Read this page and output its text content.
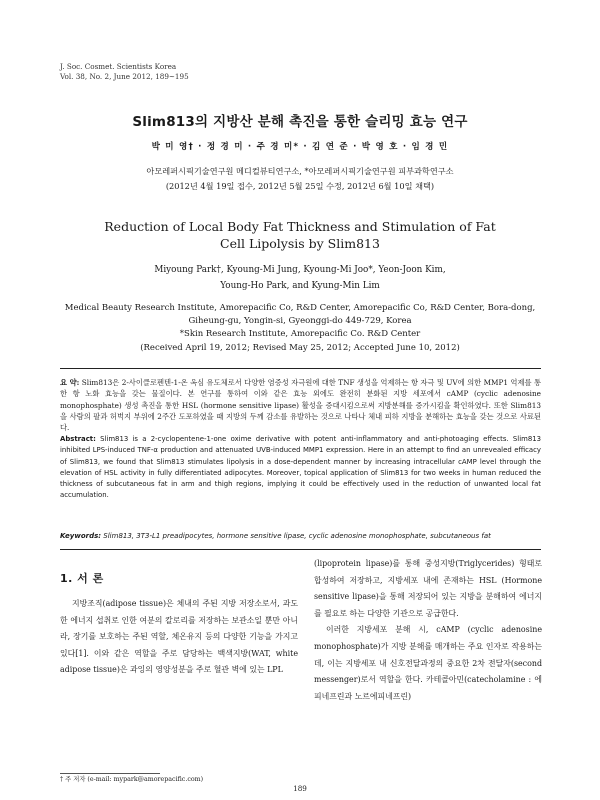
J. Soc. Cosmet. Scientists Korea
Vol. 38, No. 2, June 2012, 189~195
Slim813의 지방산 분해 촉진을 통한 슬리밍 효능 연구
박 미 영† · 정 경 미 · 주 경 미* · 김 연 준 · 박 영 호 · 임 경 민
아모레퍼시픽기술연구원 메디컬뷰티연구소, *아모레퍼시픽기술연구원 피부과학연구소
(2012년 4월 19일 접수, 2012년 5월 25일 수정, 2012년 6월 10일 채택)
Reduction of Local Body Fat Thickness and Stimulation of Fat Cell Lipolysis by Slim813
Miyoung Park†, Kyoung-Mi Jung, Kyoung-Mi Joo*, Yeon-Joon Kim,
Young-Ho Park, and Kyung-Min Lim
Medical Beauty Research Institute, Amorepacific Co, R&D Center, Amorepacific Co, R&D Center, Bora-dong,
Giheung-gu, Yongin-si, Gyeonggi-do 449-729, Korea
*Skin Research Institute, Amorepacific Co. R&D Center
(Received April 19, 2012; Revised May 25, 2012; Accepted June 10, 2012)
요 약: Slim813은 2-사이클로펜텐-1-온 옥심 유도체로서 다양한 염증성 자극원에 대한 TNF 생성을 억제하는 항 자극 및 UV에 의한 MMP1 억제를 통한 항 노화 효능을 갖는 물질이다. 본 연구를 통하여 이와 같은 효능 외에도 완전히 분화된 지방 세포에서 cAMP (cyclic adenosine monophosphate) 생성 촉진을 통한 HSL (hormone sensitive lipase) 활성을 증대시킴으로써 지방분해를 증가시킴을 확인하였다. 또한 Slim813을 사람의 팔과 허벅지 부위에 2주간 도포하였을 때 지방의 두께 감소를 유발하는 것으로 나타나 체내 피하 지방을 분해하는 효능을 갖는 것으로 사료된다.
Abstract: Slim813 is a 2-cyclopentene-1-one oxime derivative with potent anti-inflammatory and anti-photoaging effects. Slim813 inhibited LPS-induced TNF-α production and attenuated UVB-induced MMP1 expression. Here in an attempt to find an unrevealed efficacy of Slim813, we found that Slim813 stimulates lipolysis in a dose-dependent manner by increasing intracellular cAMP level through the elevation of HSL activity in fully differentiated adipocytes. Moreover, topical application of Slim813 for two weeks in human reduced the thickness of subcutaneous fat in arm and thigh regions, implying it could be effectively used in the reduction of unwanted local fat accumulation.
Keywords: Slim813, 3T3-L1 preadipocytes, hormone sensitive lipase, cyclic adenosine monophosphate, subcutaneous fat
1. 서 론

지방조직(adipose tissue)은 체내의 주된 지방 저장소로서, 과도한 에너지 섭취로 인한 여분의 칼로리를 저장하는 보관소일 뿐만 아니라, 장기를 보호하는 주된 역할, 체온유지 등의 다양한 기능을 가지고 있다[1]. 이와 같은 역할을 주로 담당하는 백색지방(WAT, white adipose tissue)은 과잉의 영양성분을 주로 혈관 벽에 있는 LPL

(lipoprotein lipase)를 통해 중성지방(Triglycerides) 형태로 합성하여 저장하고, 지방세포 내에 존재하는 HSL (Hormone sensitive lipase)을 통해 저장되어 있는 지방을 분해하여 에너지를 필요로 하는 다양한 기관으로 공급한다.

이러한 지방세포 분해 시, cAMP (cyclic adenosine monophosphate)가 지방 분해를 매개하는 주요 인자로 작용하는데, 이는 지방세포 내 신호전달과정의 중요한 2차 전달자(second messenger)로서 역할을 한다. 카테콜아민(catecholamine : 에피네프린과 노르에피네프린)

† 주 저자 (e-mail: mypark@amorepacific.com)
189
